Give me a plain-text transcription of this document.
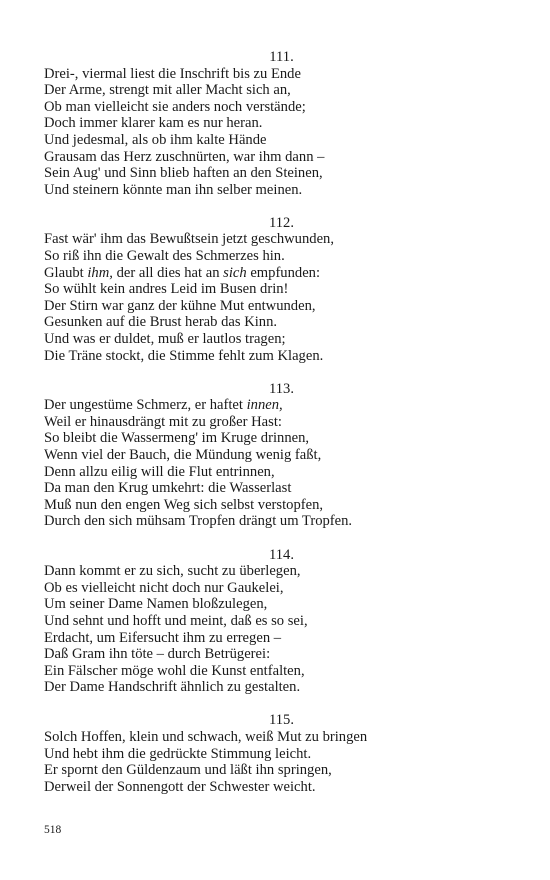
111.
Drei-, viermal liest die Inschrift bis zu Ende
Der Arme, strengt mit aller Macht sich an,
Ob man vielleicht sie anders noch verstände;
Doch immer klarer kam es nur heran.
Und jedesmal, als ob ihm kalte Hände
Grausam das Herz zuschnürten, war ihm dann –
Sein Aug' und Sinn blieb haften an den Steinen,
Und steinern könnte man ihn selber meinen.
112.
Fast wär' ihm das Bewußtsein jetzt geschwunden,
So riß ihn die Gewalt des Schmerzes hin.
Glaubt ihm, der all dies hat an sich empfunden:
So wühlt kein andres Leid im Busen drin!
Der Stirn war ganz der kühne Mut entwunden,
Gesunken auf die Brust herab das Kinn.
Und was er duldet, muß er lautlos tragen;
Die Träne stockt, die Stimme fehlt zum Klagen.
113.
Der ungestüme Schmerz, er haftet innen,
Weil er hinausdrängt mit zu großer Hast:
So bleibt die Wassermeng' im Kruge drinnen,
Wenn viel der Bauch, die Mündung wenig faßt,
Denn allzu eilig will die Flut entrinnen,
Da man den Krug umkehrt: die Wasserlast
Muß nun den engen Weg sich selbst verstopfen,
Durch den sich mühsam Tropfen drängt um Tropfen.
114.
Dann kommt er zu sich, sucht zu überlegen,
Ob es vielleicht nicht doch nur Gaukelei,
Um seiner Dame Namen bloßzulegen,
Und sehnt und hofft und meint, daß es so sei,
Erdacht, um Eifersucht ihm zu erregen –
Daß Gram ihn töte – durch Betrügerei:
Ein Fälscher möge wohl die Kunst entfalten,
Der Dame Handschrift ähnlich zu gestalten.
115.
Solch Hoffen, klein und schwach, weiß Mut zu bringen
Und hebt ihm die gedrückte Stimmung leicht.
Er spornt den Güldenzaum und läßt ihn springen,
Derweil der Sonnengott der Schwester weicht.
518
